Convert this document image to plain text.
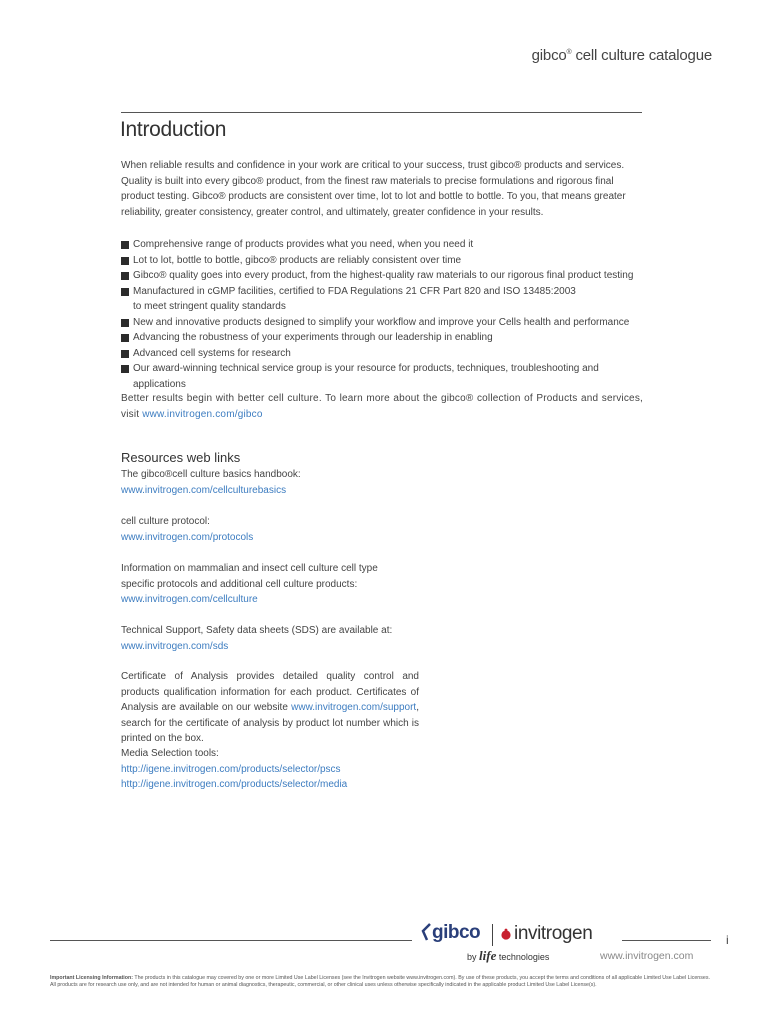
gibco® cell culture catalogue
Introduction
When reliable results and confidence in your work are critical to your success, trust gibco® products and services. Quality is built into every gibco® product, from the finest raw materials to precise formulations and rigorous final product testing. Gibco® products are consistent over time, lot to lot and bottle to bottle. To you, that means greater reliability, greater consistency, greater control, and ultimately, greater confidence in your results.
Comprehensive range of products provides what you need, when you need it
Lot to lot, bottle to bottle, gibco® products are reliably consistent over time
Gibco® quality goes into every product, from the highest-quality raw materials to our rigorous final product testing
Manufactured in cGMP facilities, certified to FDA Regulations 21 CFR Part 820 and ISO 13485:2003
to meet stringent quality standards
New and innovative products designed to simplify your workflow and improve your Cells health and performance
Advancing the robustness of your experiments through our leadership in enabling
Advanced cell systems for research
Our award-winning technical service group is your resource for products, techniques, troubleshooting and applications
Better results begin with better cell culture. To learn more about the gibco® collection of Products and services, visit www.invitrogen.com/gibco
Resources web links
The gibco®cell culture basics handbook:
www.invitrogen.com/cellculturebasics
cell culture protocol:
www.invitrogen.com/protocols
Information on mammalian and insect cell culture cell type specific protocols and additional cell culture products:
www.invitrogen.com/cellculture
Technical Support, Safety data sheets (SDS) are available at:
www.invitrogen.com/sds
Certificate of Analysis provides detailed quality control and products qualification information for each product. Certificates of Analysis are available on our website www.invitrogen.com/support, search for the certificate of analysis by product lot number which is printed on the box.
Media Selection tools:
http://igene.invitrogen.com/products/selector/pscs
http://igene.invitrogen.com/products/selector/media
gibco invitrogen
by life technologies	www.invitrogen.com
i
Important Licensing Information: The products in this catalogue may covered by one or more Limited Use Label Licenses (see the Invitrogen website www.invitrogen.com). By use of these products, you accept the terms and conditions of all applicable Limited Use Label Licenses. All products are for research use only, and are not intended for human or animal diagnostics, therapeutic, commercial, or other clinical uses unless otherwise specifically indicated in the applicable product Limited Use Label License(s).
